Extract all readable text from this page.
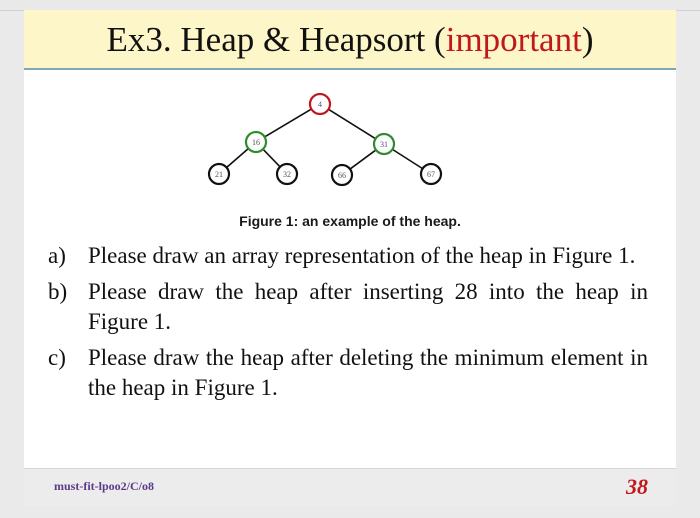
Ex3. Heap & Heapsort (important)
4
16	31
21	32	66	67
Figure 1: an example of the heap.
a) Please draw an array representation of the heap in Figure 1.
b) Please draw the heap after inserting 28 into the heap in Figure 1.
c) Please draw the heap after deleting the minimum element in the heap in Figure 1.
must-fit-lpoo2/C/o8	38
